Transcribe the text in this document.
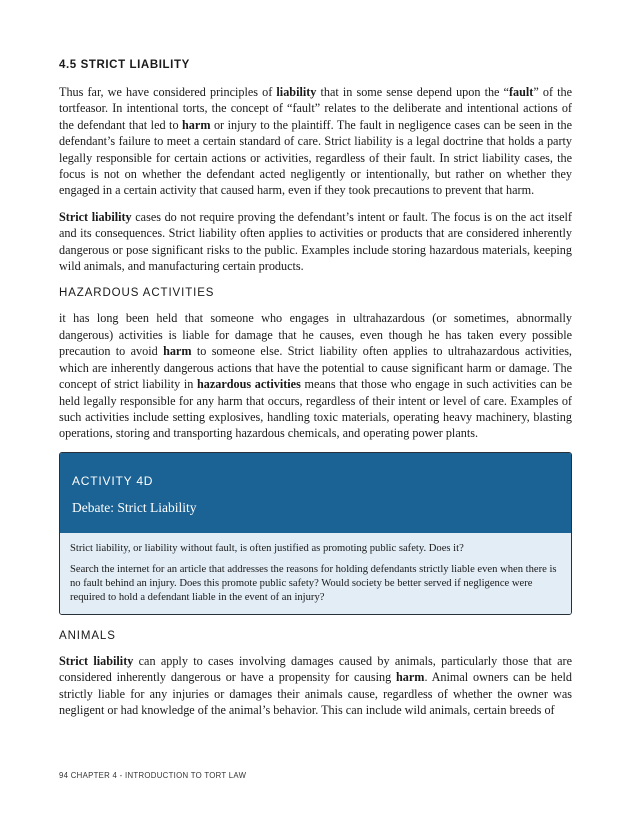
4.5 STRICT LIABILITY

Thus far, we have considered principles of liability that in some sense depend upon the “fault” of the tortfeasor. In intentional torts, the concept of “fault” relates to the deliberate and intentional actions of the defendant that led to harm or injury to the plaintiff. The fault in negligence cases can be seen in the defendant’s failure to meet a certain standard of care. Strict liability is a legal doctrine that holds a party legally responsible for certain actions or activities, regardless of their fault. In strict liability cases, the focus is not on whether the defendant acted negligently or intentionally, but rather on whether they engaged in a certain activity that caused harm, even if they took precautions to prevent that harm.

Strict liability cases do not require proving the defendant’s intent or fault. The focus is on the act itself and its consequences. Strict liability often applies to activities or products that are considered inherently dangerous or pose significant risks to the public. Examples include storing hazardous materials, keeping wild animals, and manufacturing certain products.

HAZARDOUS ACTIVITIES

it has long been held that someone who engages in ultrahazardous (or sometimes, abnormally dangerous) activities is liable for damage that he causes, even though he has taken every possible precaution to avoid harm to someone else. Strict liability often applies to ultrahazardous activities, which are inherently dangerous actions that have the potential to cause significant harm or damage. The concept of strict liability in hazardous activities means that those who engage in such activities can be held legally responsible for any harm that occurs, regardless of their intent or level of care. Examples of such activities include setting explosives, handling toxic materials, operating heavy machinery, blasting operations, storing and transporting hazardous chemicals, and operating power plants.

ACTIVITY 4D
Debate: Strict Liability

Strict liability, or liability without fault, is often justified as promoting public safety. Does it?

Search the internet for an article that addresses the reasons for holding defendants strictly liable even when there is no fault behind an injury. Does this promote public safety? Would society be better served if negligence were required to hold a defendant liable in the event of an injury?

ANIMALS

Strict liability can apply to cases involving damages caused by animals, particularly those that are considered inherently dangerous or have a propensity for causing harm. Animal owners can be held strictly liable for any injuries or damages their animals cause, regardless of whether the owner was negligent or had knowledge of the animal’s behavior. This can include wild animals, certain breeds of

94 CHAPTER 4 - INTRODUCTION TO TORT LAW
